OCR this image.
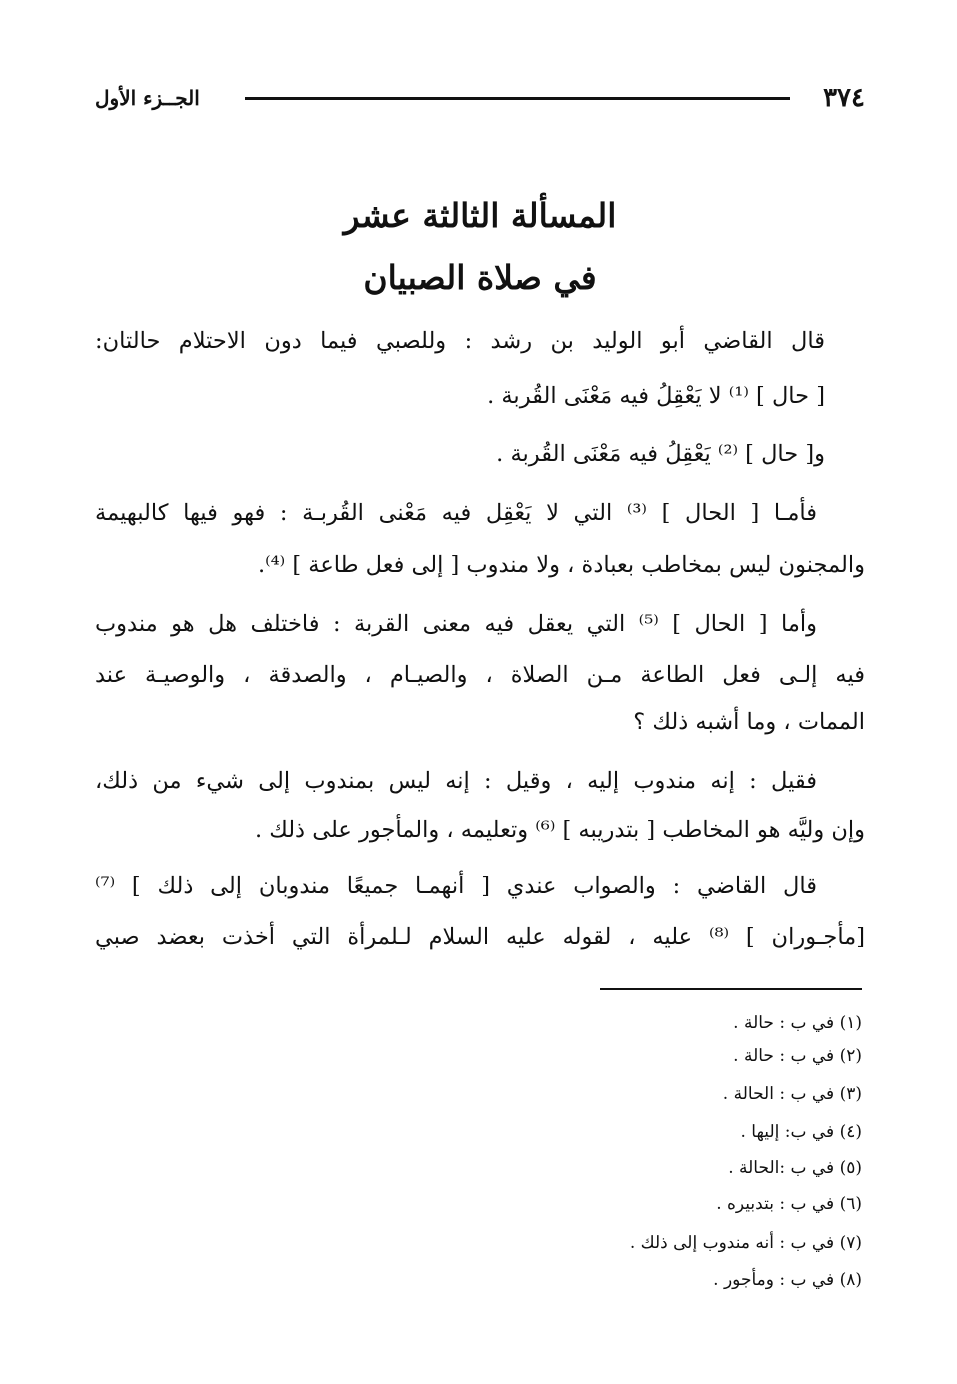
٣٧٤
الجــزء الأول
المسألة الثالثة عشر
في صلاة الصبيان
قال القاضي أبو الوليد بن رشد : وللصبي فيما دون الاحتلام حالتان:
[ حال ] ⁽¹⁾ لا يَعْقِلُ فيه مَعْنَى القُربة .
و[ حال ] ⁽²⁾ يَعْقِلُ فيه مَعْنَى القُربة .
فأمـا [ الحال ] ⁽³⁾ التي لا يَعْقِل فيه مَعْنى القُربـة : فهو فيها كالبهيمة
والمجنون ليس بمخاطب بعبادة ، ولا مندوب [ إلى فعل طاعة ] ⁽⁴⁾.
وأما [ الحال ] ⁽⁵⁾ التي يعقل فيه معنى القربة : فاختلف هل هو مندوب
فيه إلـى فعل الطاعة مـن الصلاة ، والصيـام ، والصدقة ، والوصيـة عند
الممات ، وما أشبه ذلك ؟
فقيل : إنه مندوب إليه ، وقيل : إنه ليس بمندوب إلى شيء من ذلك،
وإن وليَّه هو المخاطب [ بتدريبه ] ⁽⁶⁾ وتعليمه ، والمأجور على ذلك .
قال القاضي : والصواب عندي [ أنهمـا جميعًا مندوبان إلى ذلك ] ⁽⁷⁾
[مأجـوران ] ⁽⁸⁾ عليه ، لقوله عليه السلام لـلمرأة التي أخذت بعضد صبي
(١) في ب : حالة .
(٢) في ب : حالة .
(٣) في ب : الحالة .
(٤) في ب: إليها .
(٥) في ب :الحالة .
(٦) في ب : بتدبيره .
(٧) في ب : أنه مندوب إلى ذلك .
(٨) في ب : ومأجور .
